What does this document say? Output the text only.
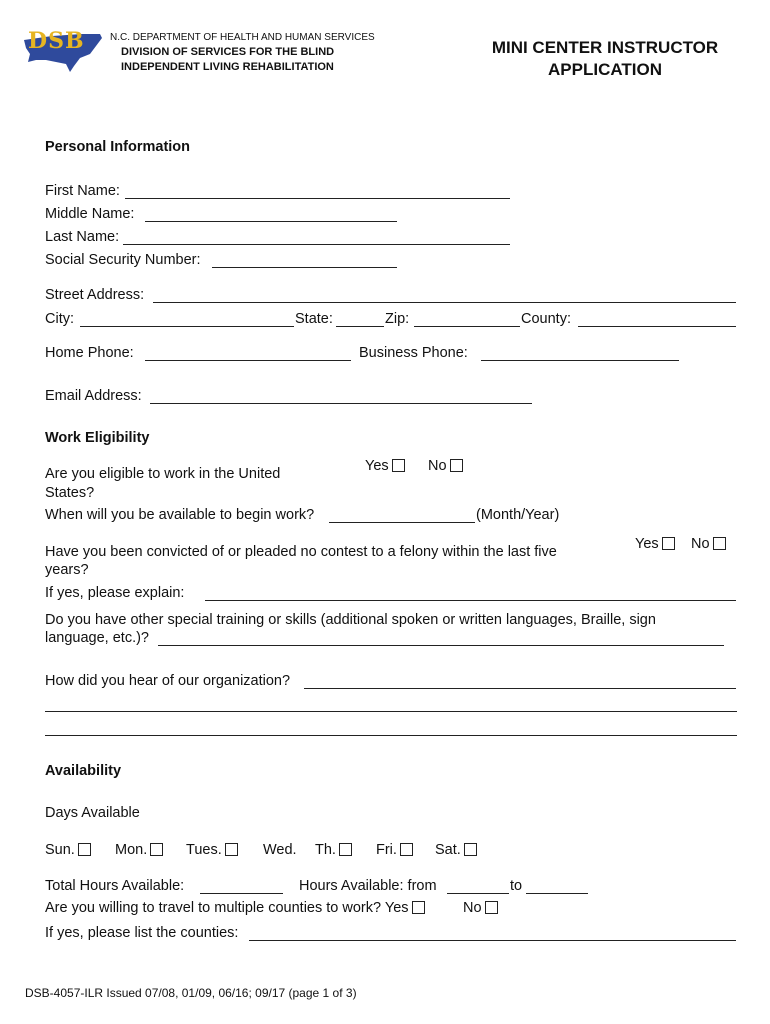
DSB	N.C. DEPARTMENT OF HEALTH AND HUMAN SERVICES
DIVISION OF SERVICES FOR THE BLIND
INDEPENDENT LIVING REHABILITATION
MINI CENTER INSTRUCTOR
APPLICATION
Personal Information
First Name:
Middle Name:
Last Name:
Social Security Number:
Street Address:
City:	State:	Zip:	County:
Home Phone:	Business Phone:
Email Address:
Work Eligibility
Are you eligible to work in the United
States?
Yes	No
When will you be available to begin work?	(Month/Year)
Have you been convicted of or pleaded no contest to a felony within the last five
years?
Yes	No
If yes, please explain:
Do you have other special training or skills (additional spoken or written languages, Braille, sign
language, etc.)?
How did you hear of our organization?
Availability
Days Available
Sun.	Mon.	Tues.	Wed. Th.	Fri.	Sat.
Total Hours Available:	Hours Available: from	to
Are you willing to travel to multiple counties to work? Yes	No
If yes, please list the counties:
DSB-4057-ILR Issued 07/08, 01/09, 06/16; 09/17 (page 1 of 3)
